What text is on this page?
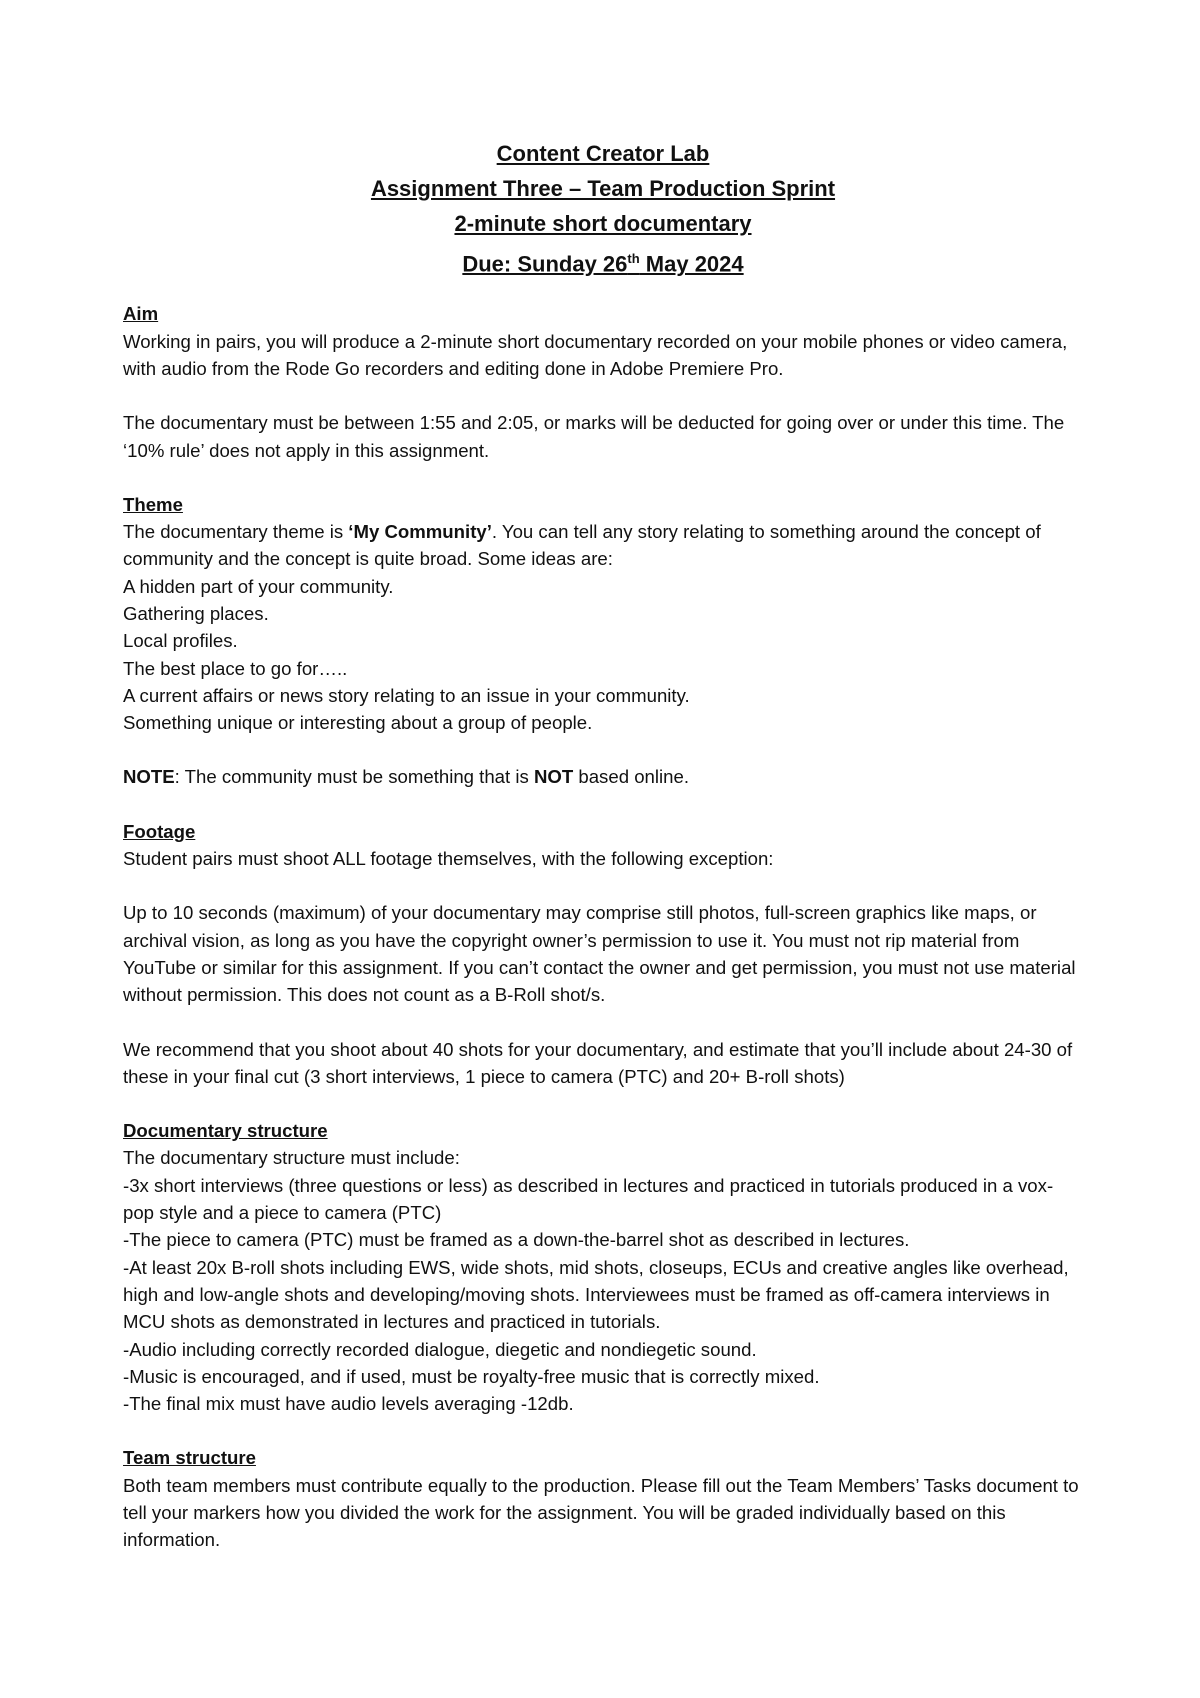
Content Creator Lab
Assignment Three – Team Production Sprint
2-minute short documentary
Due: Sunday 26th May 2024
Aim

Working in pairs, you will produce a 2-minute short documentary recorded on your mobile phones or video camera, with audio from the Rode Go recorders and editing done in Adobe Premiere Pro.

The documentary must be between 1:55 and 2:05, or marks will be deducted for going over or under this time. The ‘10% rule’ does not apply in this assignment.

Theme

The documentary theme is ‘My Community’. You can tell any story relating to something around the concept of community and the concept is quite broad. Some ideas are:

A hidden part of your community.

Gathering places.

Local profiles.

The best place to go for…..

A current affairs or news story relating to an issue in your community.

Something unique or interesting about a group of people.

NOTE: The community must be something that is NOT based online.

Footage

Student pairs must shoot ALL footage themselves, with the following exception:

Up to 10 seconds (maximum) of your documentary may comprise still photos, full-screen graphics like maps, or archival vision, as long as you have the copyright owner’s permission to use it. You must not rip material from YouTube or similar for this assignment. If you can’t contact the owner and get permission, you must not use material without permission. This does not count as a B-Roll shot/s.

We recommend that you shoot about 40 shots for your documentary, and estimate that you’ll include about 24-30 of these in your final cut (3 short interviews, 1 piece to camera (PTC) and 20+ B-roll shots)

Documentary structure

The documentary structure must include:

-3x short interviews (three questions or less) as described in lectures and practiced in tutorials produced in a vox-pop style and a piece to camera (PTC)

-The piece to camera (PTC) must be framed as a down-the-barrel shot as described in lectures.

-At least 20x B-roll shots including EWS, wide shots, mid shots, closeups, ECUs and creative angles like overhead, high and low-angle shots and developing/moving shots. Interviewees must be framed as off-camera interviews in MCU shots as demonstrated in lectures and practiced in tutorials.

-Audio including correctly recorded dialogue, diegetic and nondiegetic sound.

-Music is encouraged, and if used, must be royalty-free music that is correctly mixed.

-The final mix must have audio levels averaging -12db.

Team structure

Both team members must contribute equally to the production. Please fill out the Team Members’ Tasks document to tell your markers how you divided the work for the assignment. You will be graded individually based on this information.
